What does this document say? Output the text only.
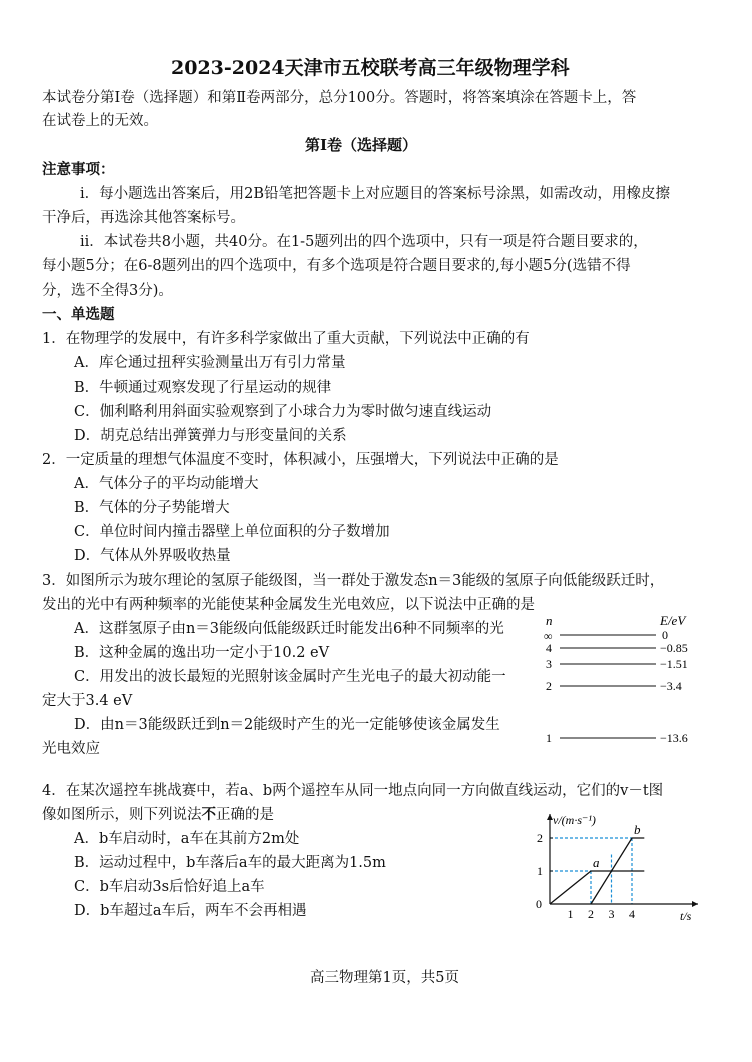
2023-2024天津市五校联考高三年级物理学科
本试卷分第Ⅰ卷（选择题）和第Ⅱ卷两部分，总分100分。答题时，将答案填涂在答题卡上，答
在试卷上的无效。
第Ⅰ卷（选择题）
注意事项：
i．每小题选出答案后，用2B铅笔把答题卡上对应题目的答案标号涂黑，如需改动，用橡皮擦
干净后，再选涂其他答案标号。
ii．本试卷共8小题，共40分。在1-5题列出的四个选项中，只有一项是符合题目要求的，
每小题5分；在6-8题列出的四个选项中，有多个选项是符合题目要求的,每小题5分(选错不得
分，选不全得3分)。
一、单选题
1．在物理学的发展中，有许多科学家做出了重大贡献，下列说法中正确的有
A．库仑通过扭秤实验测量出万有引力常量
B．牛顿通过观察发现了行星运动的规律
C．伽利略利用斜面实验观察到了小球合力为零时做匀速直线运动
D．胡克总结出弹簧弹力与形变量间的关系
2．一定质量的理想气体温度不变时，体积减小，压强增大，下列说法中正确的是
A．气体分子的平均动能增大
B．气体的分子势能增大
C．单位时间内撞击器壁上单位面积的分子数增加
D．气体从外界吸收热量
3．如图所示为玻尔理论的氢原子能级图，当一群处于激发态n＝3能级的氢原子向低能级跃迁时，
发出的光中有两种频率的光能使某种金属发生光电效应，以下说法中正确的是
A．这群氢原子由n＝3能级向低能级跃迁时能发出6种不同频率的光
B．这种金属的逸出功一定小于10.2 eV
C．用发出的波长最短的光照射该金属时产生光电子的最大初动能一
定大于3.4 eV
D．由n＝3能级跃迁到n＝2能级时产生的光一定能够使该金属发生
光电效应
n	E/eV
∞	0
4	−0.85
3	−1.51
2	−3.4
1	−13.6
4．在某次遥控车挑战赛中，若a、b两个遥控车从同一地点向同一方向做直线运动，它们的v－t图
像如图所示，则下列说法不正确的是
A．b车启动时，a车在其前方2m处
B．运动过程中，b车落后a车的最大距离为1.5m
C．b车启动3s后恰好追上a车
D．b车超过a车后，两车不会再相遇
v/(m·s⁻¹)
t/s
0
1 2 3 4
1
2
a
b
高三物理第1页，共5页
